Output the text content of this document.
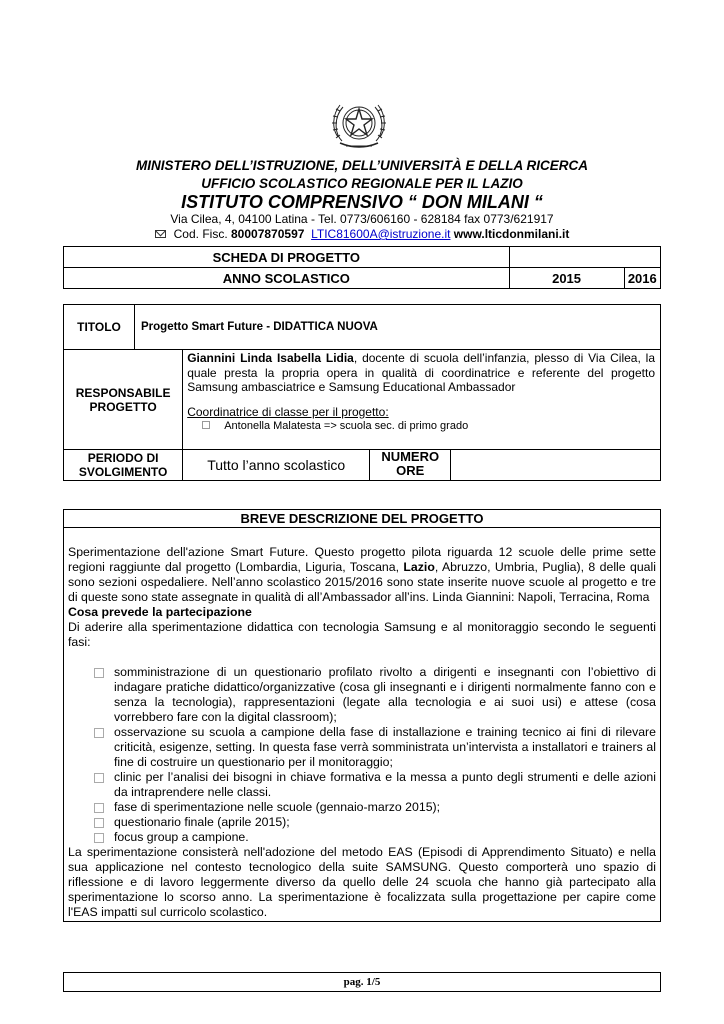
MINISTERO DELL’ISTRUZIONE, DELL’UNIVERSITÀ E DELLA RICERCA
UFFICIO SCOLASTICO REGIONALE PER IL LAZIO
ISTITUTO COMPRENSIVO “ DON MILANI “
Via Cilea, 4, 04100 Latina - Tel. 0773/606160 - 628184 fax 0773/621917
Cod. Fisc. 80007870597 LTIC81600A@istruzione.it www.lticdonmilani.it
SCHEDA DI PROGETTO		
ANNO SCOLASTICO	2015	2016
TITOLO	Progetto Smart Future - DIDATTICA NUOVA		
RESPONSABILE PROGETTO		Giannini Linda Isabella Lidia, docente di scuola dell’infanzia, plesso di Via Cilea, la quale presta la propria opera in qualità di coordinatrice e referente del progetto Samsung ambasciatrice e Samsung Educational Ambassador
Coordinatrice di classe per il progetto:
Antonella Malatesta => scuola sec. di primo grado	

PERIODO DI SVOLGIMENTO		Tutto l’anno scolastico	NUMERO
ORE
BREVE DESCRIZIONE DEL PROGETTO

Sperimentazione dell'azione Smart Future. Questo progetto pilota riguarda 12 scuole delle prime sette regioni raggiunte dal progetto (Lombardia, Liguria, Toscana, Lazio, Abruzzo, Umbria, Puglia), 8 delle quali sono sezioni ospedaliere. Nell’anno scolastico 2015/2016 sono state inserite nuove scuole al progetto e tre di queste sono state assegnate in qualità di all’Ambassador all’ins. Linda Giannini: Napoli, Terracina, Roma

Cosa prevede la partecipazione

Di aderire alla sperimentazione didattica con tecnologia Samsung e al monitoraggio secondo le seguenti fasi:

somministrazione di un questionario profilato rivolto a dirigenti e insegnanti con l’obiettivo di indagare pratiche didattico/organizzative (cosa gli insegnanti e i dirigenti normalmente fanno con e senza la tecnologia), rappresentazioni (legate alla tecnologia e ai suoi usi) e attese (cosa vorrebbero fare con la digital classroom);
osservazione su scuola a campione della fase di installazione e training tecnico ai fini di rilevare criticità, esigenze, setting. In questa fase verrà somministrata un’intervista a installatori e trainers al fine di costruire un questionario per il monitoraggio;
clinic per l’analisi dei bisogni in chiave formativa e la messa a punto degli strumenti e delle azioni da intraprendere nelle classi.
fase di sperimentazione nelle scuole (gennaio-marzo 2015);
questionario finale (aprile 2015);
focus group a campione.

La sperimentazione consisterà nell'adozione del metodo EAS (Episodi di Apprendimento Situato) e nella sua applicazione nel contesto tecnologico della suite SAMSUNG. Questo comporterà uno spazio di riflessione e di lavoro leggermente diverso da quello delle 24 scuola che hanno già partecipato alla sperimentazione lo scorso anno. La sperimentazione è focalizzata sulla progettazione per capire come l'EAS impatti sul curricolo scolastico.

pag. 1/5
